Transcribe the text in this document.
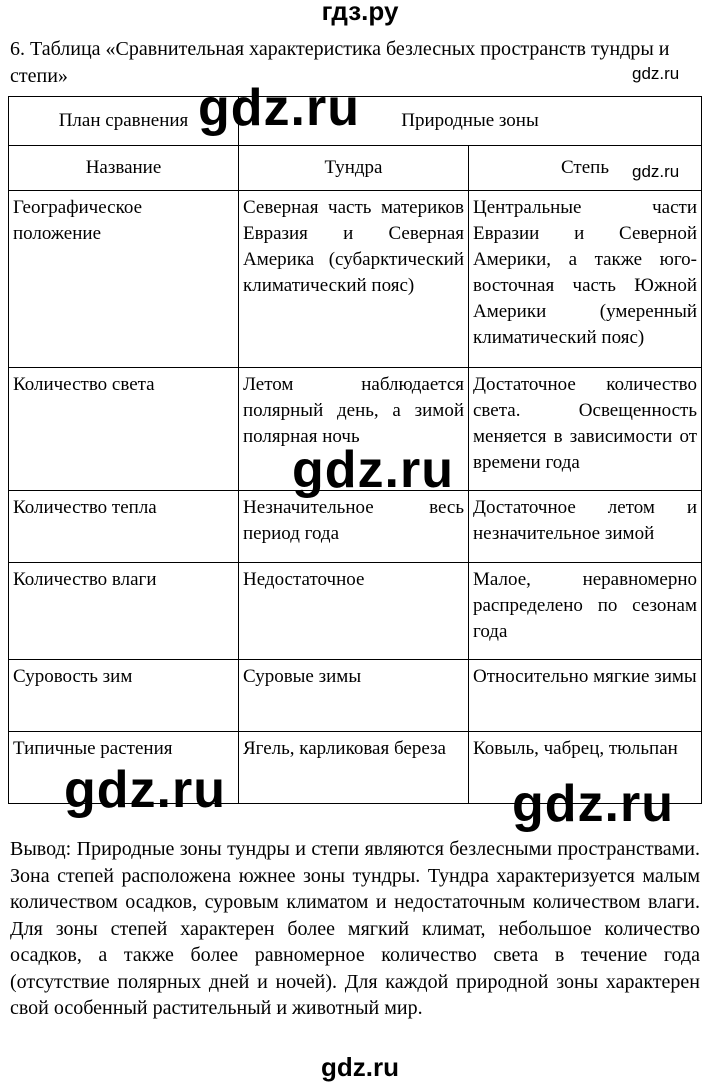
гдз.ру
6. Таблица «Сравнительная характеристика безлесных пространств тундры и степи»	gdz.ru
План сравнения	Природные зоны	
Название	Тундра	Степь
Географическое положение	Северная часть материков Евразия и Северная Америка (субарктический климатический пояс)	Центральные части Евразии и Северной Америки, а также юго-восточная часть Южной Америки (умеренный климатический пояс)
Количество света	Летом наблюдается полярный день, а зимой полярная ночь	Достаточное количество света. Освещенность меняется в зависимости от времени года
Количество тепла	Незначительное весь период года	Достаточное летом и незначительное зимой
Количество влаги	Недостаточное	Малое, неравномерно распределено по сезонам года
Суровость зим	Суровые зимы	Относительно мягкие зимы
Типичные растения	Ягель, карликовая береза	Ковыль, чабрец, тюльпан
gdz.ru
gdz.ru
gdz.ru
gdz.ru	gdz.ru
Вывод: Природные зоны тундры и степи являются безлесными пространствами. Зона степей расположена южнее зоны тундры. Тундра характеризуется малым количеством осадков, суровым климатом и недостаточным количеством влаги. Для зоны степей характерен более мягкий климат, небольшое количество осадков, а также более равномерное количество света в течение года (отсутствие полярных дней и ночей). Для каждой природной зоны характерен свой особенный растительный и животный мир.
gdz.ru
